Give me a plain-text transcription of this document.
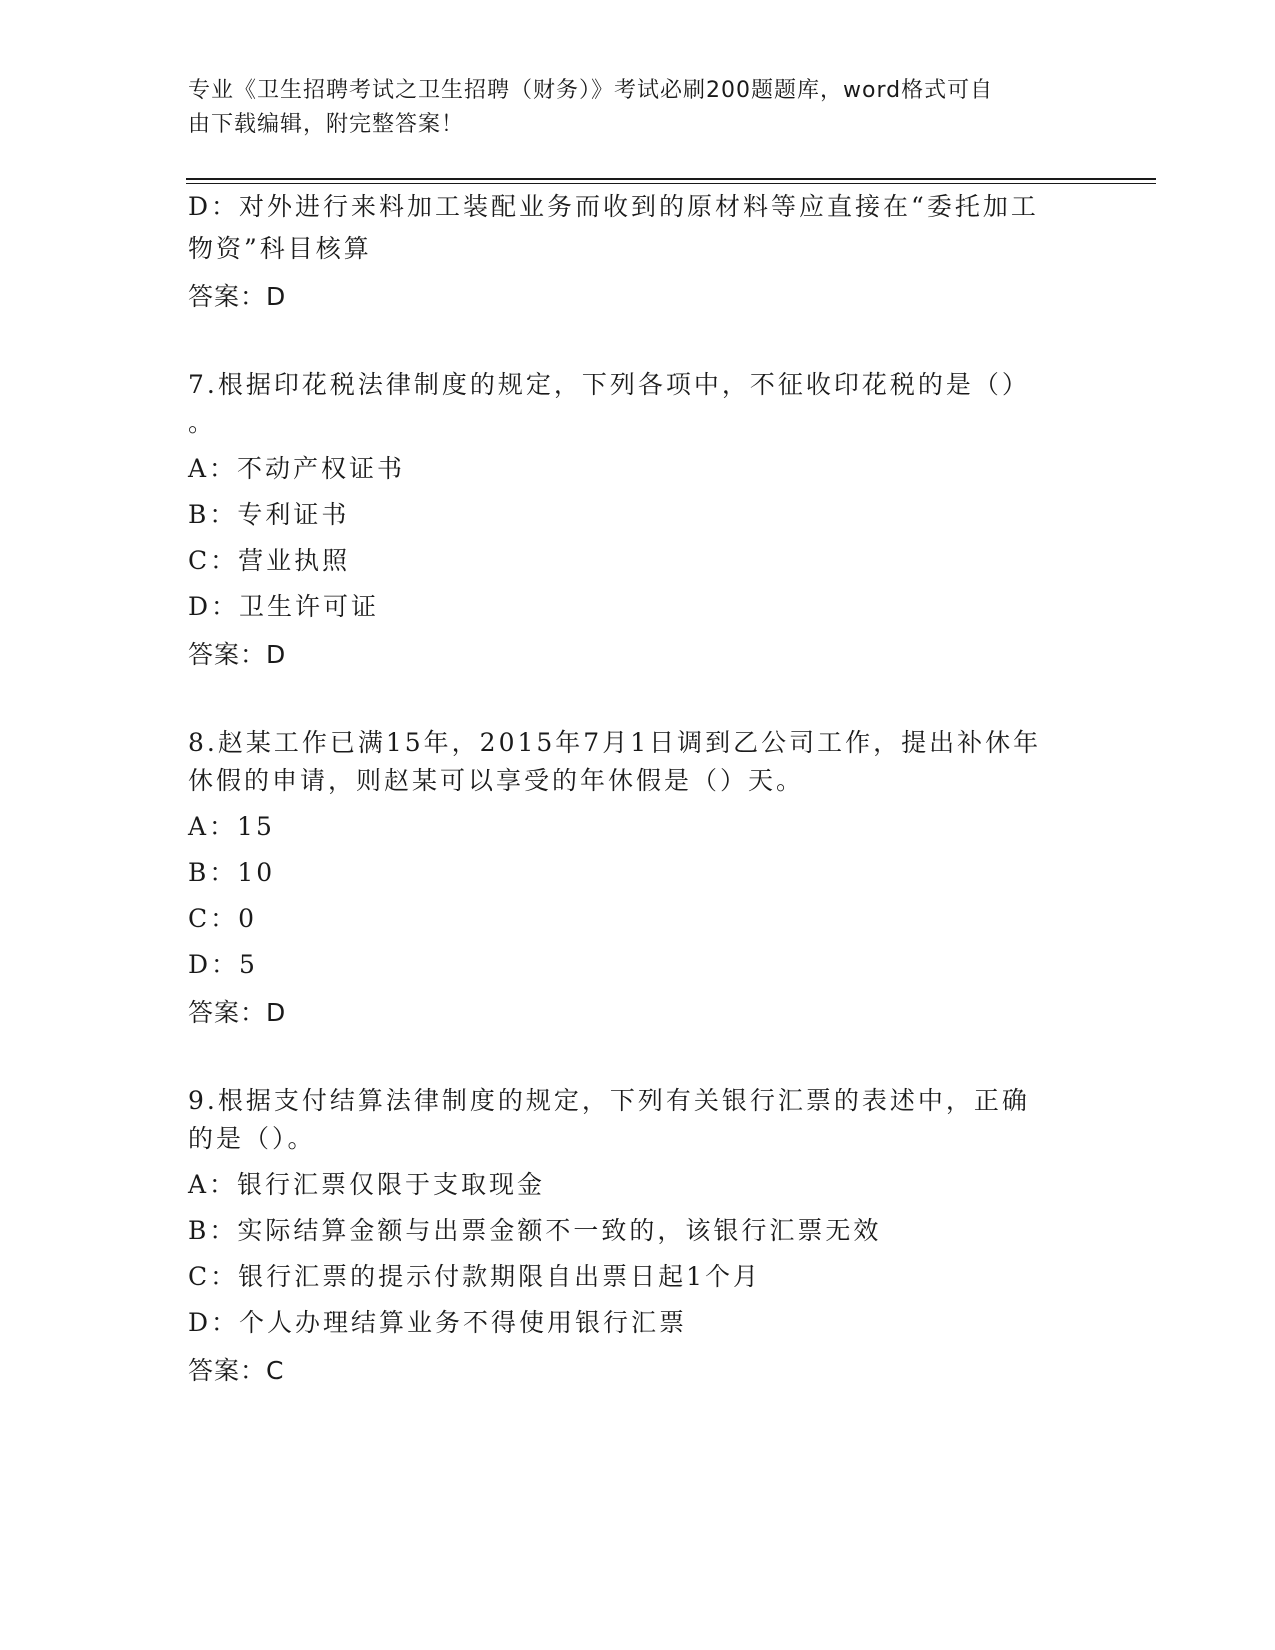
专业《卫生招聘考试之卫生招聘（财务）》考试必刷200题题库，word格式可自
由下载编辑，附完整答案！

D：对外进行来料加工装配业务而收到的原材料等应直接在“委托加工

物资”科目核算

答案：D

7.根据印花税法律制度的规定，下列各项中，不征收印花税的是（）

。

A：不动产权证书

B：专利证书

C：营业执照

D：卫生许可证

答案：D

8.赵某工作已满15年，2015年7月1日调到乙公司工作，提出补休年

休假的申请，则赵某可以享受的年休假是（）天。

A：15

B：10

C：0

D：5

答案：D

9.根据支付结算法律制度的规定，下列有关银行汇票的表述中，正确

的是（）。

A：银行汇票仅限于支取现金

B：实际结算金额与出票金额不一致的，该银行汇票无效

C：银行汇票的提示付款期限自出票日起1个月

D：个人办理结算业务不得使用银行汇票

答案：C
